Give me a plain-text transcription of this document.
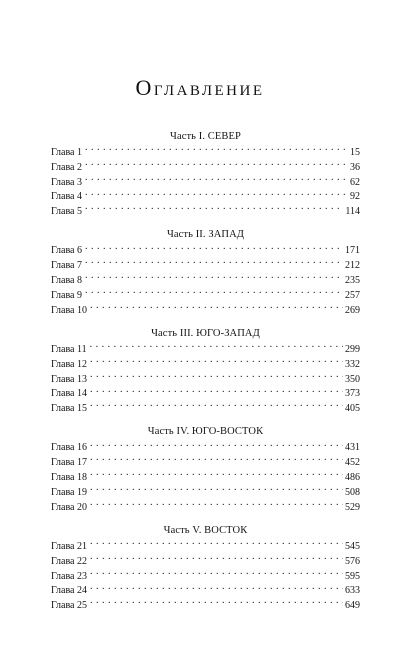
Оглавление
Часть I. СЕВЕР
Глава 1 . . .	15
Глава 2 . . .	36
Глава 3 . . .	62
Глава 4 . . .	92
Глава 5 . . .	114
Часть II. ЗАПАД
Глава 6 . . .	171
Глава 7 . . .	212
Глава 8 . . .	235
Глава 9 . . .	257
Глава 10 . . .	269
Часть III. ЮГО-ЗАПАД
Глава 11 . . .	299
Глава 12 . . .	332
Глава 13 . . .	350
Глава 14 . . .	373
Глава 15 . . .	405
Часть IV. ЮГО-ВОСТОК
Глава 16 . . .	431
Глава 17 . . .	452
Глава 18 . . .	486
Глава 19 . . .	508
Глава 20 . . .	529
Часть V. ВОСТОК
Глава 21 . . .	545
Глава 22 . . .	576
Глава 23 . . .	595
Глава 24 . . .	633
Глава 25 . . .	649
